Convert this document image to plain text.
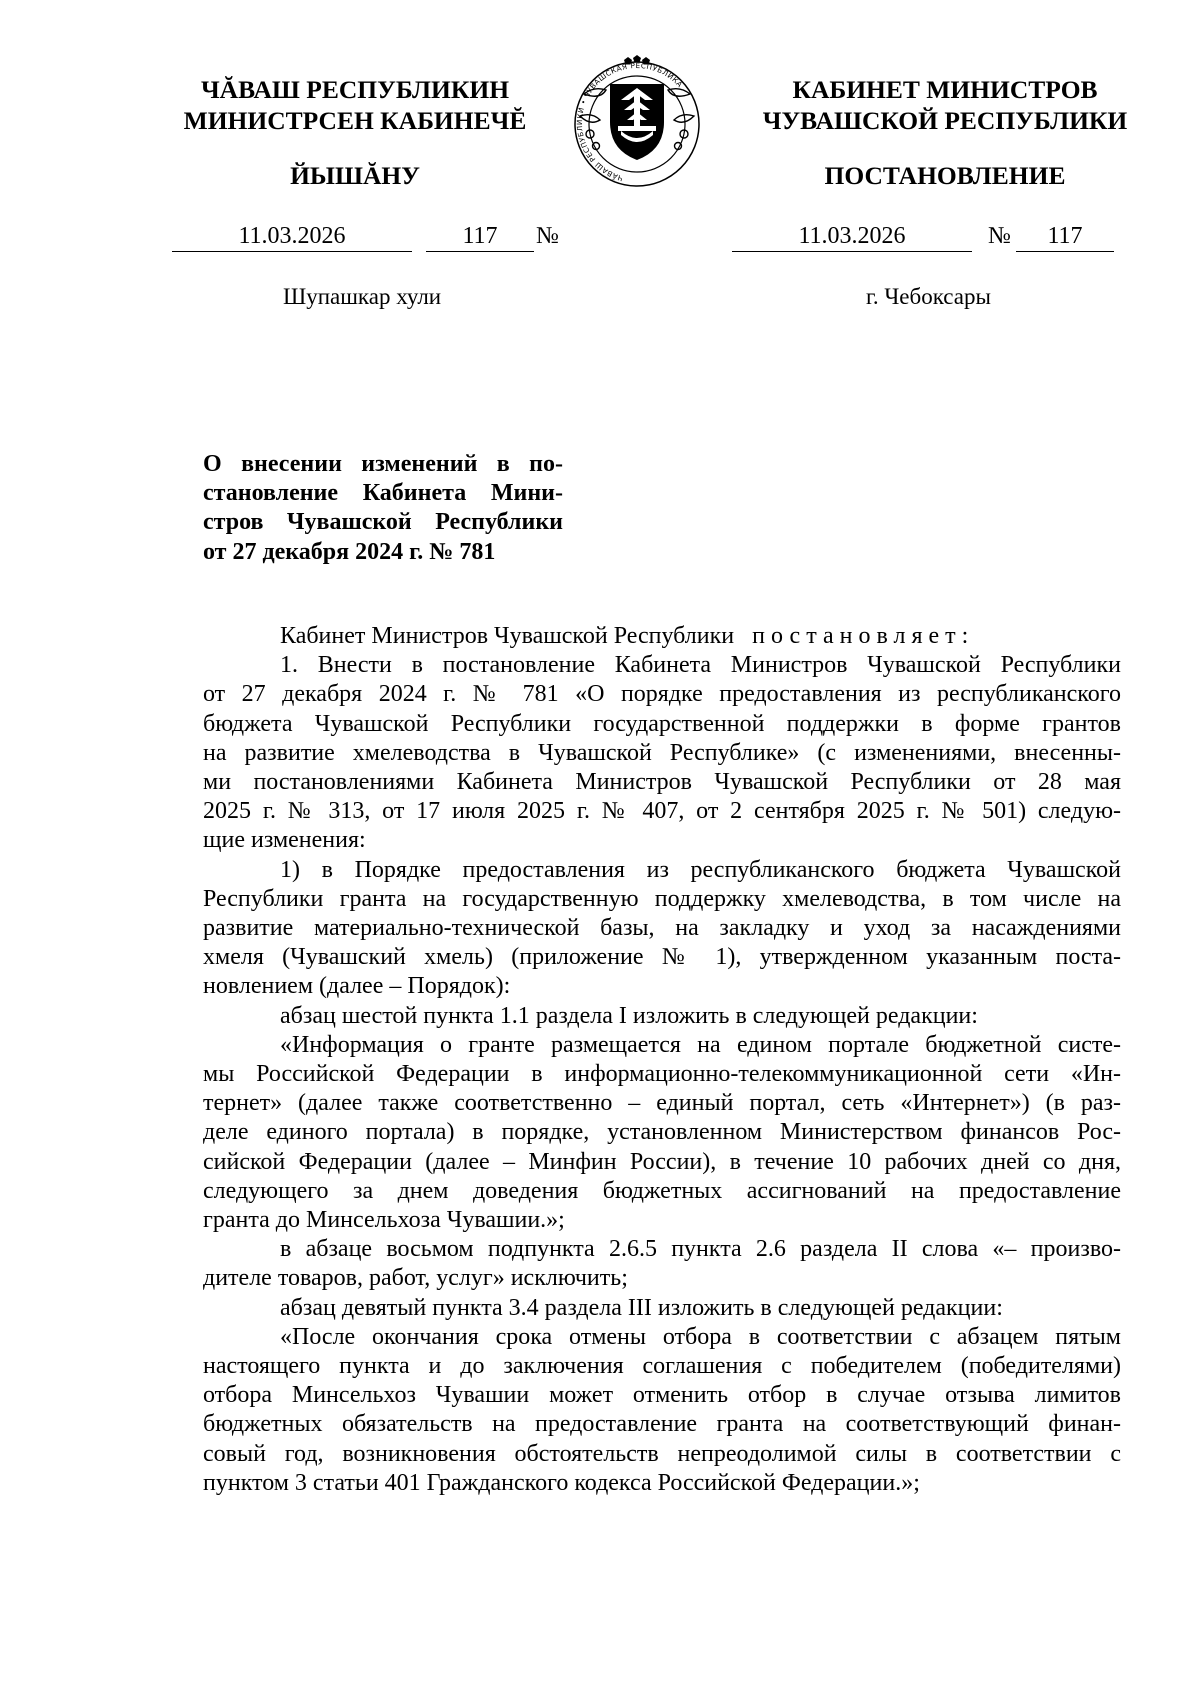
ЧĂВАШ РЕСПУБЛИКИН
МИНИСТРСЕН КАБИНЕЧĔ
ЙЫШĂНУ
КАБИНЕТ МИНИСТРОВ
ЧУВАШСКОЙ РЕСПУБЛИКИ
ПОСТАНОВЛЕНИЕ
ЧĂВАШ РЕСПУБЛИКИ • ЧУВАШСКАЯ РЕСПУБЛИКА
11.03.2026	117	№	11.03.2026	№	117
Шупашкар хули	г. Чебоксары
О внесении изменений в по-
становление Кабинета Мини-
стров Чувашской Республики
от 27 декабря 2024 г. № 781
Кабинет Министров Чувашской Республики постановляет:
1. Внести в постановление Кабинета Министров Чувашской Республики
от 27 декабря 2024 г. № 781 «О порядке предоставления из республиканского
бюджета Чувашской Республики государственной поддержки в форме грантов
на развитие хмелеводства в Чувашской Республике» (с изменениями, внесенны-
ми постановлениями Кабинета Министров Чувашской Республики от 28 мая
2025 г. № 313, от 17 июля 2025 г. № 407, от 2 сентября 2025 г. № 501) следую-
щие изменения:
1) в Порядке предоставления из республиканского бюджета Чувашской
Республики гранта на государственную поддержку хмелеводства, в том числе на
развитие материально-технической базы, на закладку и уход за насаждениями
хмеля (Чувашский хмель) (приложение № 1), утвержденном указанным поста-
новлением (далее – Порядок):
абзац шестой пункта 1.1 раздела I изложить в следующей редакции:
«Информация о гранте размещается на едином портале бюджетной систе-
мы Российской Федерации в информационно-телекоммуникационной сети «Ин-
тернет» (далее также соответственно – единый портал, сеть «Интернет») (в раз-
деле единого портала) в порядке, установленном Министерством финансов Рос-
сийской Федерации (далее – Минфин России), в течение 10 рабочих дней со дня,
следующего за днем доведения бюджетных ассигнований на предоставление
гранта до Минсельхоза Чувашии.»;
в абзаце восьмом подпункта 2.6.5 пункта 2.6 раздела II слова «– произво-
дителе товаров, работ, услуг» исключить;
абзац девятый пункта 3.4 раздела III изложить в следующей редакции:
«После окончания срока отмены отбора в соответствии с абзацем пятым
настоящего пункта и до заключения соглашения с победителем (победителями)
отбора Минсельхоз Чувашии может отменить отбор в случае отзыва лимитов
бюджетных обязательств на предоставление гранта на соответствующий финан-
совый год, возникновения обстоятельств непреодолимой силы в соответствии с
пунктом 3 статьи 401 Гражданского кодекса Российской Федерации.»;
